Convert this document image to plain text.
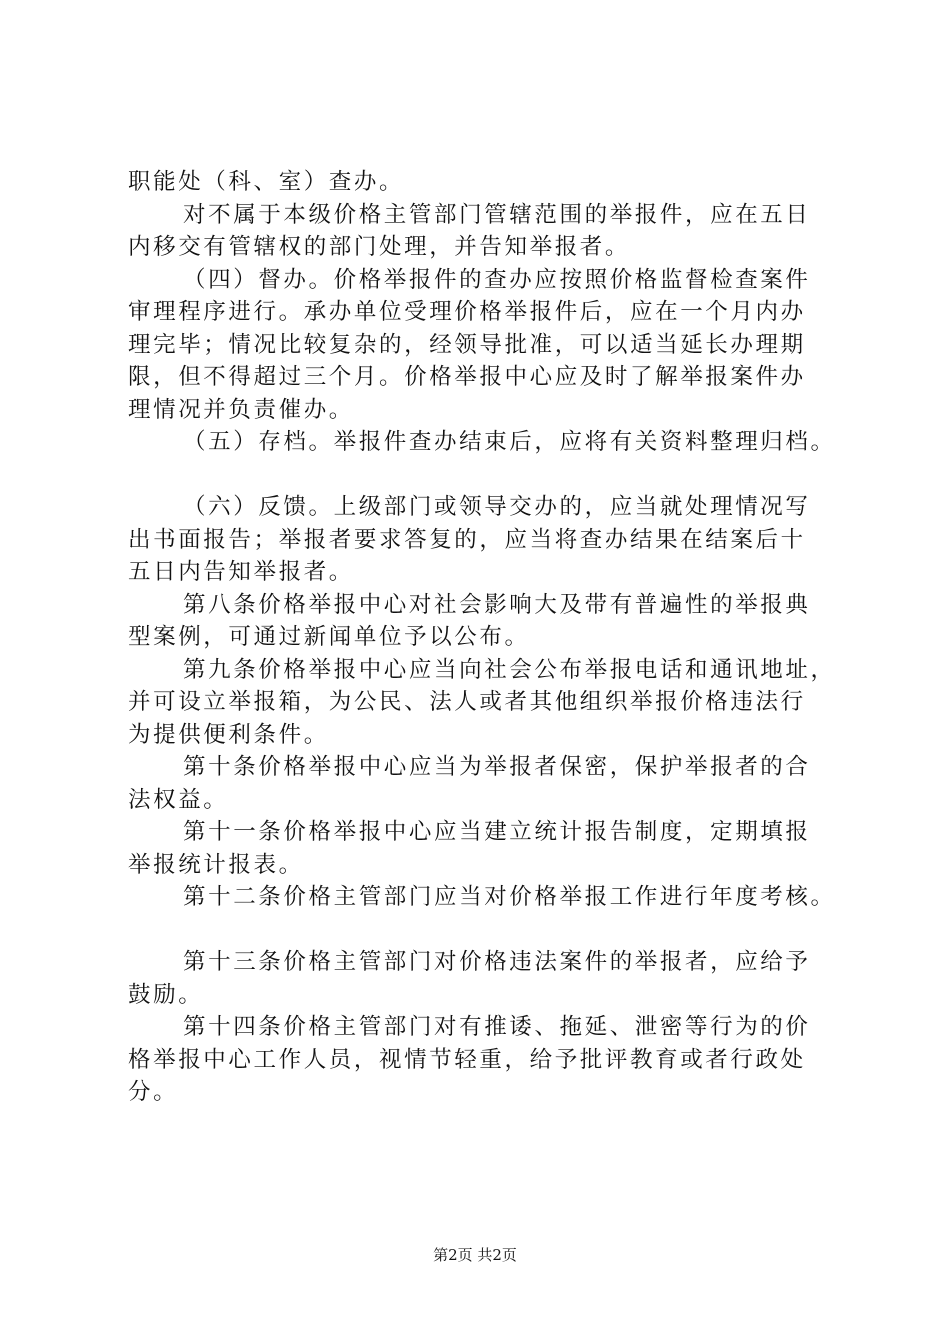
职能处（科、室）查办。
对不属于本级价格主管部门管辖范围的举报件，应在五日
内移交有管辖权的部门处理，并告知举报者。
（四）督办。价格举报件的查办应按照价格监督检查案件
审理程序进行。承办单位受理价格举报件后，应在一个月内办
理完毕；情况比较复杂的，经领导批准，可以适当延长办理期
限，但不得超过三个月。价格举报中心应及时了解举报案件办
理情况并负责催办。
（五）存档。举报件查办结束后，应将有关资料整理归档。
（六）反馈。上级部门或领导交办的，应当就处理情况写
出书面报告；举报者要求答复的，应当将查办结果在结案后十
五日内告知举报者。
第八条价格举报中心对社会影响大及带有普遍性的举报典
型案例，可通过新闻单位予以公布。
第九条价格举报中心应当向社会公布举报电话和通讯地址，
并可设立举报箱，为公民、法人或者其他组织举报价格违法行
为提供便利条件。
第十条价格举报中心应当为举报者保密，保护举报者的合
法权益。
第十一条价格举报中心应当建立统计报告制度，定期填报
举报统计报表。
第十二条价格主管部门应当对价格举报工作进行年度考核。
第十三条价格主管部门对价格违法案件的举报者，应给予
鼓励。
第十四条价格主管部门对有推诿、拖延、泄密等行为的价
格举报中心工作人员，视情节轻重，给予批评教育或者行政处
分。
第2页 共2页
